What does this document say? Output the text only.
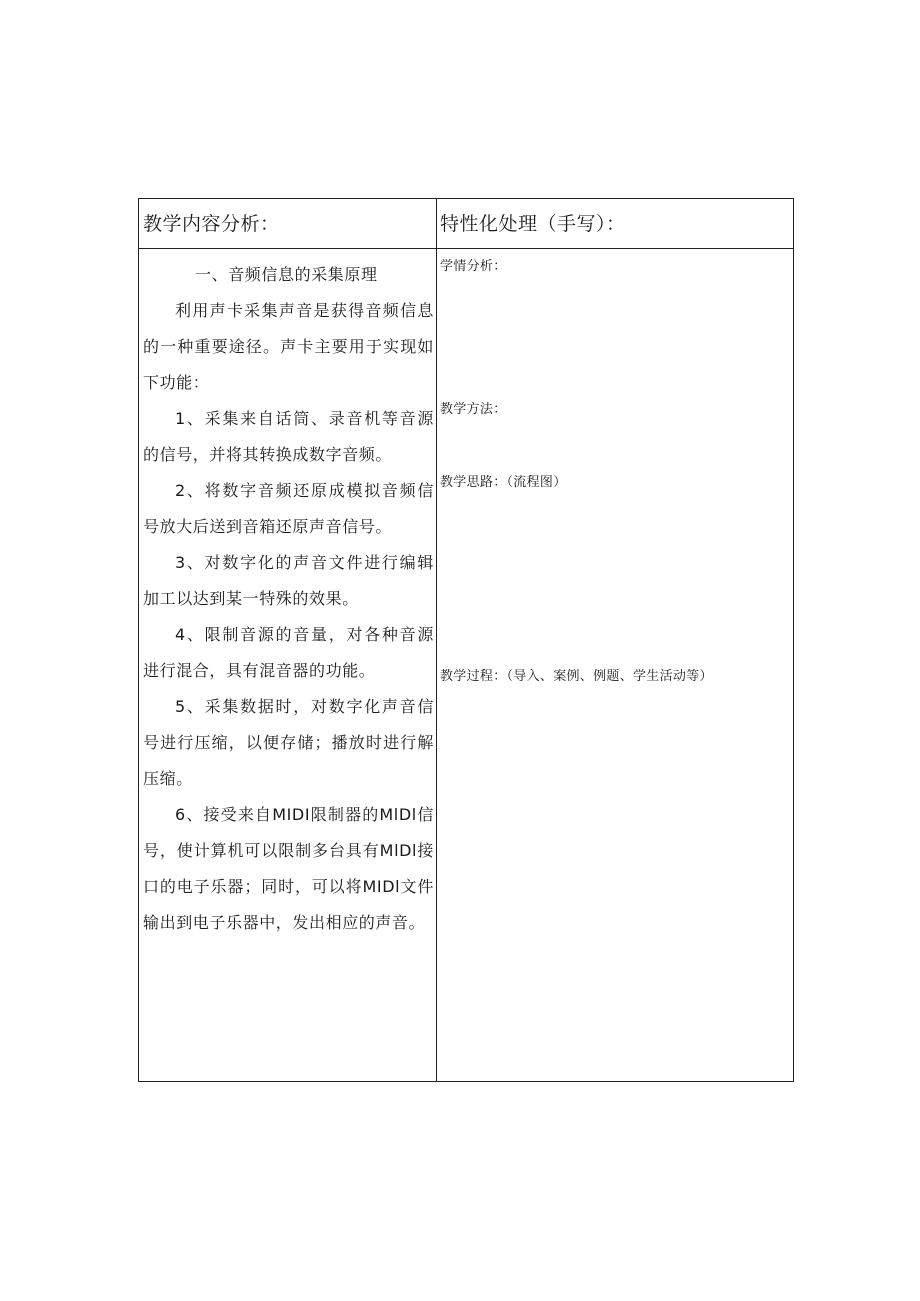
教学内容分析：	特性化处理（手写）：

一、音频信息的采集原理

利用声卡采集声音是获得音频信息的一种重要途径。声卡主要用于实现如下功能：

1、采集来自话筒、录音机等音源的信号，并将其转换成数字音频。

2、将数字音频还原成模拟音频信号放大后送到音箱还原声音信号。

3、对数字化的声音文件进行编辑加工以达到某一特殊的效果。

4、限制音源的音量，对各种音源进行混合，具有混音器的功能。

5、采集数据时，对数字化声音信号进行压缩，以便存储；播放时进行解压缩。

6、接受来自MIDI限制器的MlDl信号，使计算机可以限制多台具有MlDl接口的电子乐器；同时，可以将MIDl文件输出到电子乐器中，发出相应的声音。

学情分析：
教学方法：
教学思路：（流程图）
教学过程：（导入、案例、例题、学生活动等）
